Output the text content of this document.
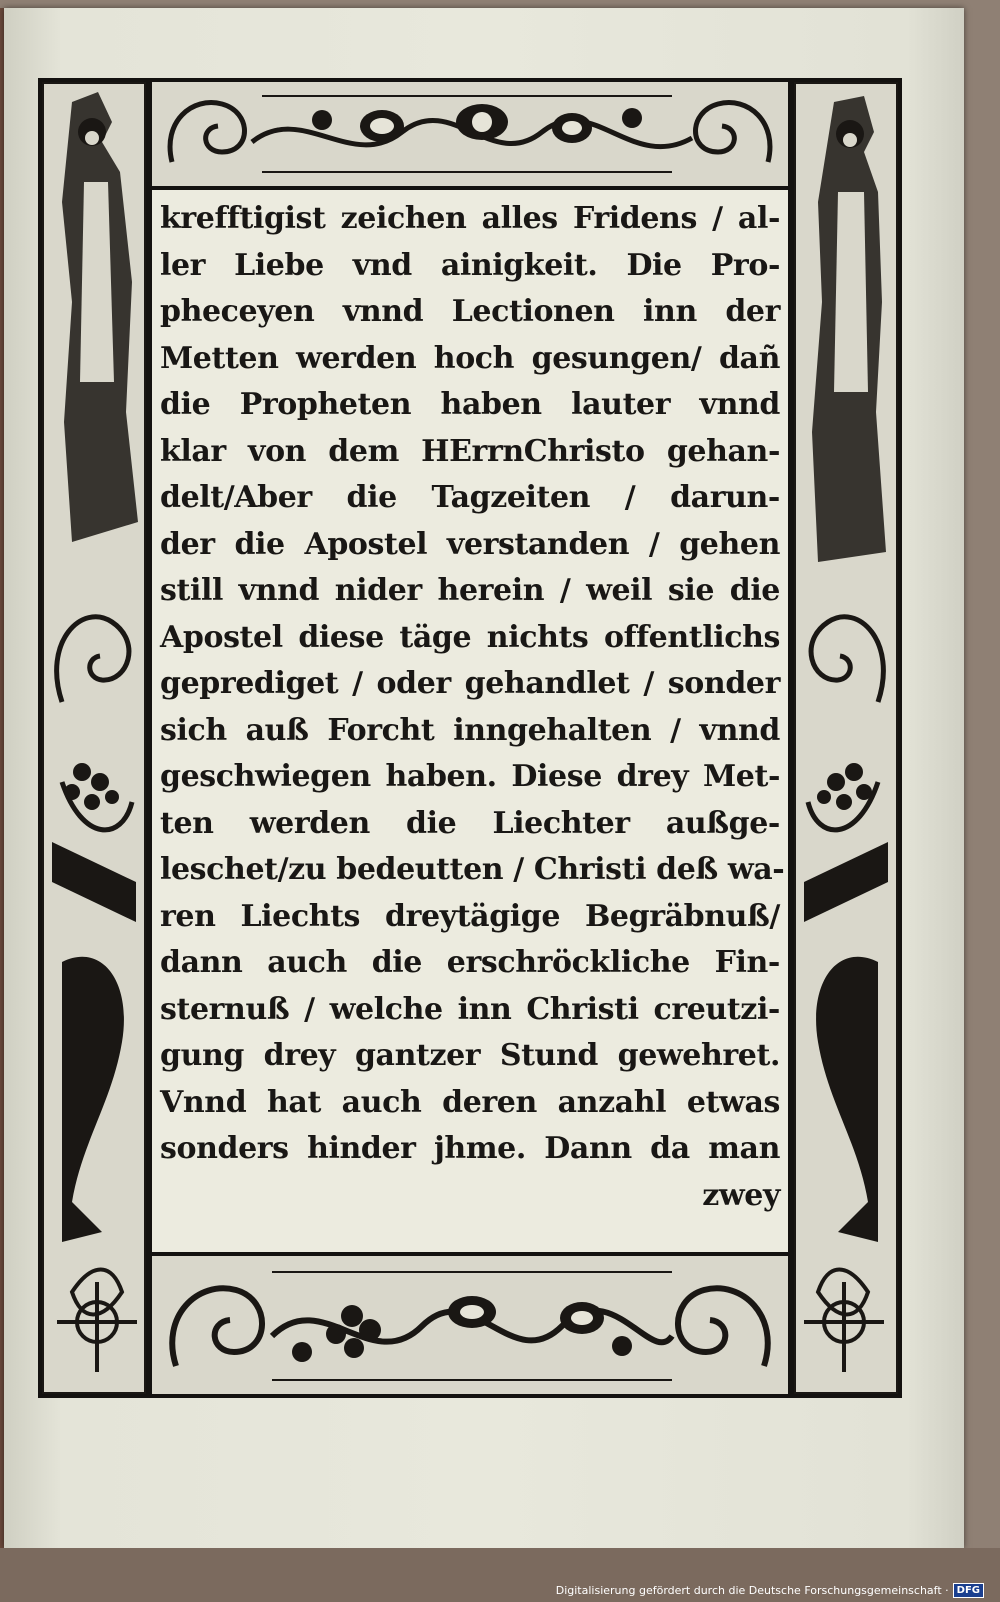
krefftigist zeichen alles Fridens / al-
ler Liebe vnd ainigkeit. Die Pro-
pheceyen vnnd Lectionen inn der
Metten werden hoch gesungen/ dañ
die Propheten haben lauter vnnd
klar von dem HErrnChristo gehan-
delt/Aber die Tagzeiten / darun-
der die Apostel verstanden / gehen
still vnnd nider herein / weil sie die
Apostel diese täge nichts offentlichs
geprediget / oder gehandlet / sonder
sich auß Forcht inngehalten / vnnd
geschwiegen haben. Diese drey Met-
ten werden die Liechter außge-
leschet/zu bedeutten / Christi deß wa-
ren Liechts dreytägige Begräbnuß/
dann auch die erschröckliche Fin-
sternuß / welche inn Christi creutzi-
gung drey gantzer Stund gewehret.
Vnnd hat auch deren anzahl etwas
sonders hinder jhme. Dann da man
zwey
Digitalisierung gefördert durch die Deutsche Forschungsgemeinschaft · DFG
